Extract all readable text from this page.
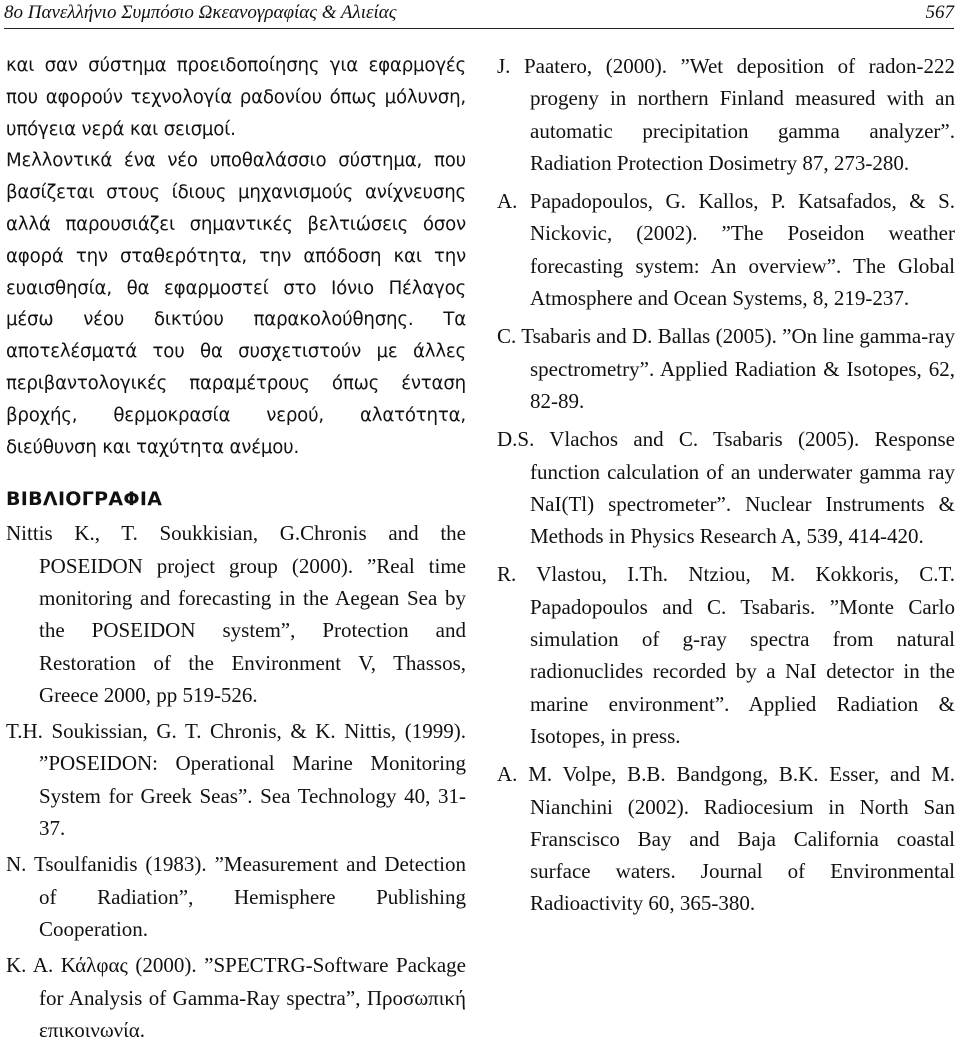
8ο Πανελλήνιο Συμπόσιο Ωκεανογραφίας & Αλιείας	567

και σαν σύστημα προειδοποίησης για εφαρμογές που αφορούν τεχνολογία ραδονίου όπως μόλυνση, υπόγεια νερά και σεισμοί.

Μελλοντικά ένα νέο υποθαλάσσιο σύστημα, που βασίζεται στους ίδιους μηχανισμούς ανίχνευσης αλλά παρουσιάζει σημαντικές βελτιώσεις όσον αφορά την σταθερότητα, την απόδοση και την ευαισθησία, θα εφαρμοστεί στο Ιόνιο Πέλαγος μέσω νέου δικτύου παρακολούθησης. Τα αποτελέσματά του θα συσχετιστούν με άλλες περιβαντολογικές παραμέτρους όπως ένταση βροχής, θερμοκρασία νερού, αλατότητα, διεύθυνση και ταχύτητα ανέμου.

ΒΙΒΛΙΟΓΡΑΦΙΑ

Nittis K., T. Soukkisian, G.Chronis and the POSEIDON project group (2000). ”Real time monitoring and forecasting in the Aegean Sea by the POSEIDON system”, Protection and Restoration of the Environment V, Thassos, Greece 2000, pp 519-526.

T.H. Soukissian, G. T. Chronis, & K. Nittis, (1999). ”POSEIDON: Operational Marine Monitoring System for Greek Seas”. Sea Technology 40, 31-37.

N. Tsoulfanidis (1983). ”Measurement and Detection of Radiation”, Hemisphere Publishing Cooperation.

K. A. Κάλφας (2000). ”SPECTRG-Software Package for Analysis of Gamma-Ray spectra”, Προσωπική επικοινωνία.

J. Paatero, (2000). ”Wet deposition of radon-222 progeny in northern Finland measured with an automatic precipitation gamma analyzer”. Radiation Protection Dosimetry 87, 273-280.

A. Papadopoulos, G. Kallos, P. Katsafados, & S. Nickovic, (2002). ”The Poseidon weather forecasting system: An overview”. The Global Atmosphere and Ocean Systems, 8, 219-237.

C. Tsabaris and D. Ballas (2005). ”On line gamma-ray spectrometry”. Applied Radiation & Isotopes, 62, 82-89.

D.S. Vlachos and C. Tsabaris (2005). Response function calculation of an underwater gamma ray NaI(Tl) spectrometer”. Nuclear Instruments & Methods in Physics Research A, 539, 414-420.

R. Vlastou, I.Th. Ntziou, M. Kokkoris, C.T. Papadopoulos and C. Tsabaris. ”Monte Carlo simulation of g-ray spectra from natural radionuclides recorded by a NaI detector in the marine environment”. Applied Radiation & Isotopes, in press.

A. M. Volpe, B.B. Bandgong, B.K. Esser, and M. Nianchini (2002). Radiocesium in North San Franscisco Bay and Baja California coastal surface waters. Journal of Environmental Radioactivity 60, 365-380.
